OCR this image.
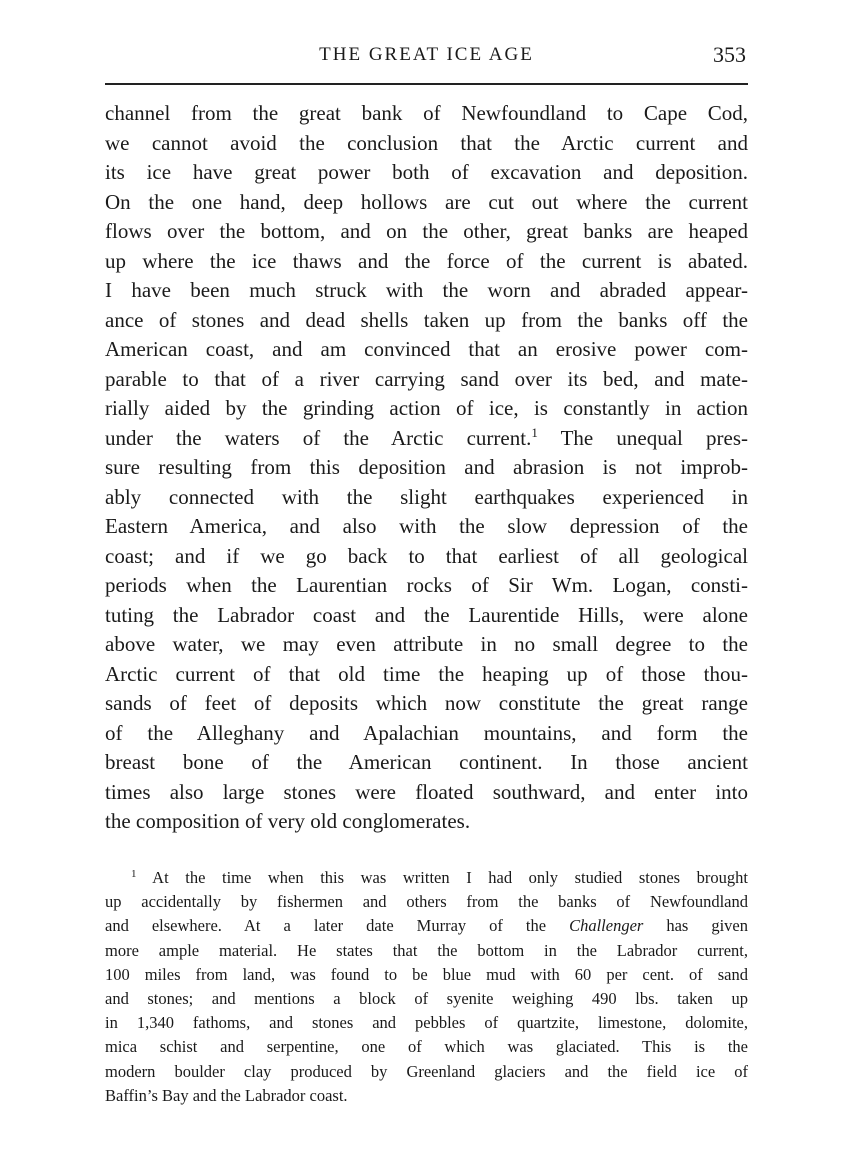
THE GREAT ICE AGE	353
channel from the great bank of Newfoundland to Cape Cod,
we cannot avoid the conclusion that the Arctic current and
its ice have great power both of excavation and deposition.
On the one hand, deep hollows are cut out where the current
flows over the bottom, and on the other, great banks are heaped
up where the ice thaws and the force of the current is abated.
I have been much struck with the worn and abraded appear-
ance of stones and dead shells taken up from the banks off the
American coast, and am convinced that an erosive power com-
parable to that of a river carrying sand over its bed, and mate-
rially aided by the grinding action of ice, is constantly in action
under the waters of the Arctic current.$^1$ The unequal pres-
sure resulting from this deposition and abrasion is not improb-
ably connected with the slight earthquakes experienced in
Eastern America, and also with the slow depression of the
coast; and if we go back to that earliest of all geological
periods when the Laurentian rocks of Sir Wm. Logan, consti-
tuting the Labrador coast and the Laurentide Hills, were alone
above water, we may even attribute in no small degree to the
Arctic current of that old time the heaping up of those thou-
sands of feet of deposits which now constitute the great range
of the Alleghany and Apalachian mountains, and form the
breast bone of the American continent. In those ancient
times also large stones were floated southward, and enter into
the composition of very old conglomerates.
$^1$ At the time when this was written I had only studied stones brought
up accidentally by fishermen and others from the banks of Newfoundland
and elsewhere. At a later date Murray of the Challenger has given
more ample material. He states that the bottom in the Labrador current,
100 miles from land, was found to be blue mud with 60 per cent. of sand
and stones; and mentions a block of syenite weighing 490 lbs. taken up
in 1,340 fathoms, and stones and pebbles of quartzite, limestone, dolomite,
mica schist and serpentine, one of which was glaciated. This is the
modern boulder clay produced by Greenland glaciers and the field ice of
Baffin’s Bay and the Labrador coast.
